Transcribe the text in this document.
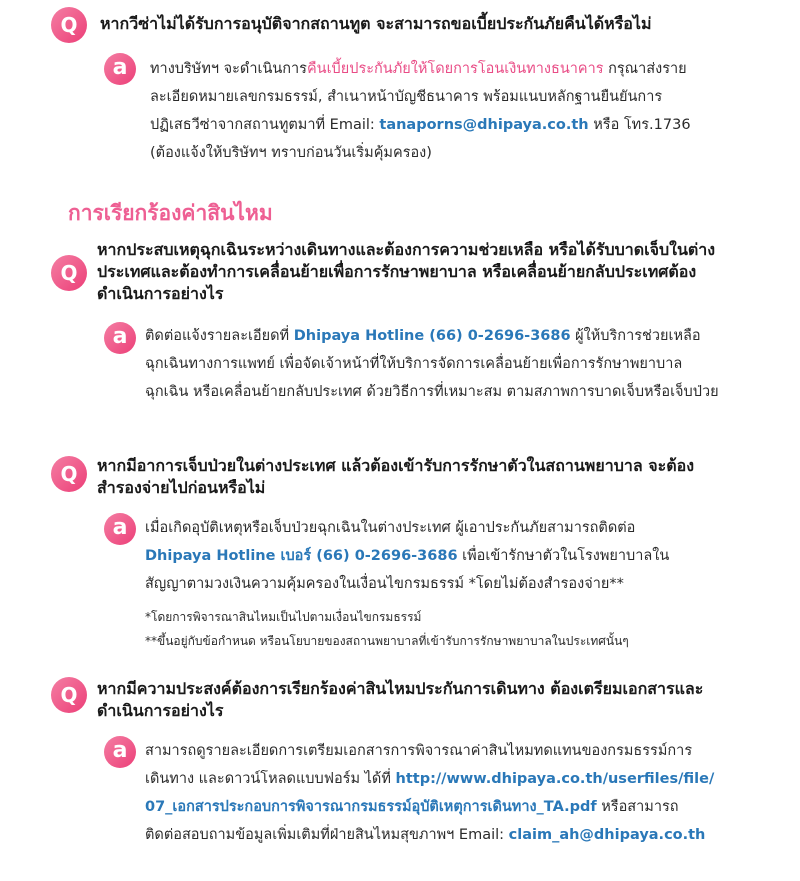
Q	หากวีซ่าไม่ได้รับการอนุบัติจากสถานทูต จะสามารถขอเบี้ยประกันภัยคืนได้หรือไม่
a	ทางบริษัทฯ จะดำเนินการคืนเบี้ยประกันภัยให้โดยการโอนเงินทางธนาคาร กรุณาส่งรายละเอียดหมายเลขกรมธรรม์, สำเนาหน้าบัญชีธนาคาร พร้อมแนบหลักฐานยืนยันการปฏิเสธวีซ่าจากสถานทูตมาที่ Email: tanaporns@dhipaya.co.th หรือ โทร.1736 (ต้องแจ้งให้บริษัทฯ ทราบก่อนวันเริ่มคุ้มครอง)
การเรียกร้องค่าสินไหม
Q
หากประสบเหตุฉุกเฉินระหว่างเดินทางและต้องการความช่วยเหลือ หรือได้รับบาดเจ็บในต่างประเทศและต้องทำการเคลื่อนย้ายเพื่อการรักษาพยาบาล หรือเคลื่อนย้ายกลับประเทศต้องดำเนินการอย่างไร
a	ติดต่อแจ้งรายละเอียดที่ Dhipaya Hotline (66) 0-2696-3686 ผู้ให้บริการช่วยเหลือฉุกเฉินทางการแพทย์ เพื่อจัดเจ้าหน้าที่ให้บริการจัดการเคลื่อนย้ายเพื่อการรักษาพยาบาลฉุกเฉิน หรือเคลื่อนย้ายกลับประเทศ ด้วยวิธีการที่เหมาะสม ตามสภาพการบาดเจ็บหรือเจ็บป่วย
Q	หากมีอาการเจ็บป่วยในต่างประเทศ แล้วต้องเข้ารับการรักษาตัวในสถานพยาบาล จะต้องสำรองจ่ายไปก่อนหรือไม่
a	เมื่อเกิดอุบัติเหตุหรือเจ็บป่วยฉุกเฉินในต่างประเทศ ผู้เอาประกันภัยสามารถติดต่อ Dhipaya Hotline เบอร์ (66) 0-2696-3686 เพื่อเข้ารักษาตัวในโรงพยาบาลในสัญญาตามวงเงินความคุ้มครองในเงื่อนไขกรมธรรม์ *โดยไม่ต้องสำรองจ่าย**
*โดยการพิจารณาสินไหมเป็นไปตามเงื่อนไขกรมธรรม์
**ขึ้นอยู่กับข้อกำหนด หรือนโยบายของสถานพยาบาลที่เข้ารับการรักษาพยาบาลในประเทศนั้นๆ
Q	หากมีความประสงค์ต้องการเรียกร้องค่าสินไหมประกันการเดินทาง ต้องเตรียมเอกสารและดำเนินการอย่างไร
a	สามารถดูรายละเอียดการเตรียมเอกสารการพิจารณาค่าสินไหมทดแทนของกรมธรรม์การเดินทาง และดาวน์โหลดแบบฟอร์ม ได้ที่ http://www.dhipaya.co.th/userfiles/file/07_เอกสารประกอบการพิจารณากรมธรรม์อุบัติเหตุการเดินทาง_TA.pdf หรือสามารถติดต่อสอบถามข้อมูลเพิ่มเติมที่ฝ่ายสินไหมสุขภาพฯ Email: claim_ah@dhipaya.co.th
